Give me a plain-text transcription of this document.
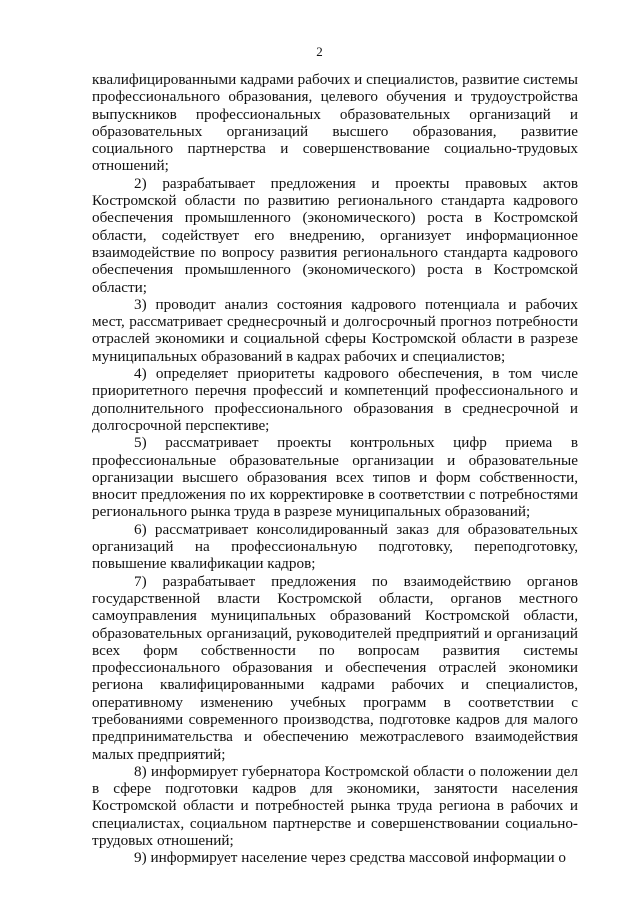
2

квалифицированными кадрами рабочих и специалистов, развитие системы профессионального образования, целевого обучения и трудоустройства выпускников профессиональных образовательных организаций и образовательных организаций высшего образования, развитие социального партнерства и совершенствование социально-трудовых отношений;

2) разрабатывает предложения и проекты правовых актов Костромской области по развитию регионального стандарта кадрового обеспечения промышленного (экономического) роста в Костромской области, содействует его внедрению, организует информационное взаимодействие по вопросу развития регионального стандарта кадрового обеспечения промышленного (экономического) роста в Костромской области;

3) проводит анализ состояния кадрового потенциала и рабочих мест, рассматривает среднесрочный и долгосрочный прогноз потребности отраслей экономики и социальной сферы Костромской области в разрезе муниципальных образований в кадрах рабочих и специалистов;

4) определяет приоритеты кадрового обеспечения, в том числе приоритетного перечня профессий и компетенций профессионального и дополнительного профессионального образования в среднесрочной и долгосрочной перспективе;

5) рассматривает проекты контрольных цифр приема в профессиональные образовательные организации и образовательные организации высшего образования всех типов и форм собственности, вносит предложения по их корректировке в соответствии с потребностями регионального рынка труда в разрезе муниципальных образований;

6) рассматривает консолидированный заказ для образовательных организаций на профессиональную подготовку, переподготовку, повышение квалификации кадров;

7) разрабатывает предложения по взаимодействию органов государственной власти Костромской области, органов местного самоуправления муниципальных образований Костромской области, образовательных организаций, руководителей предприятий и организаций всех форм собственности по вопросам развития системы профессионального образования и обеспечения отраслей экономики региона квалифицированными кадрами рабочих и специалистов, оперативному изменению учебных программ в соответствии с требованиями современного производства, подготовке кадров для малого предпринимательства и обеспечению межотраслевого взаимодействия малых предприятий;

8) информирует губернатора Костромской области о положении дел в сфере подготовки кадров для экономики, занятости населения Костромской области и потребностей рынка труда региона в рабочих и специалистах, социальном партнерстве и совершенствовании социально-трудовых отношений;

9) информирует население через средства массовой информации о
